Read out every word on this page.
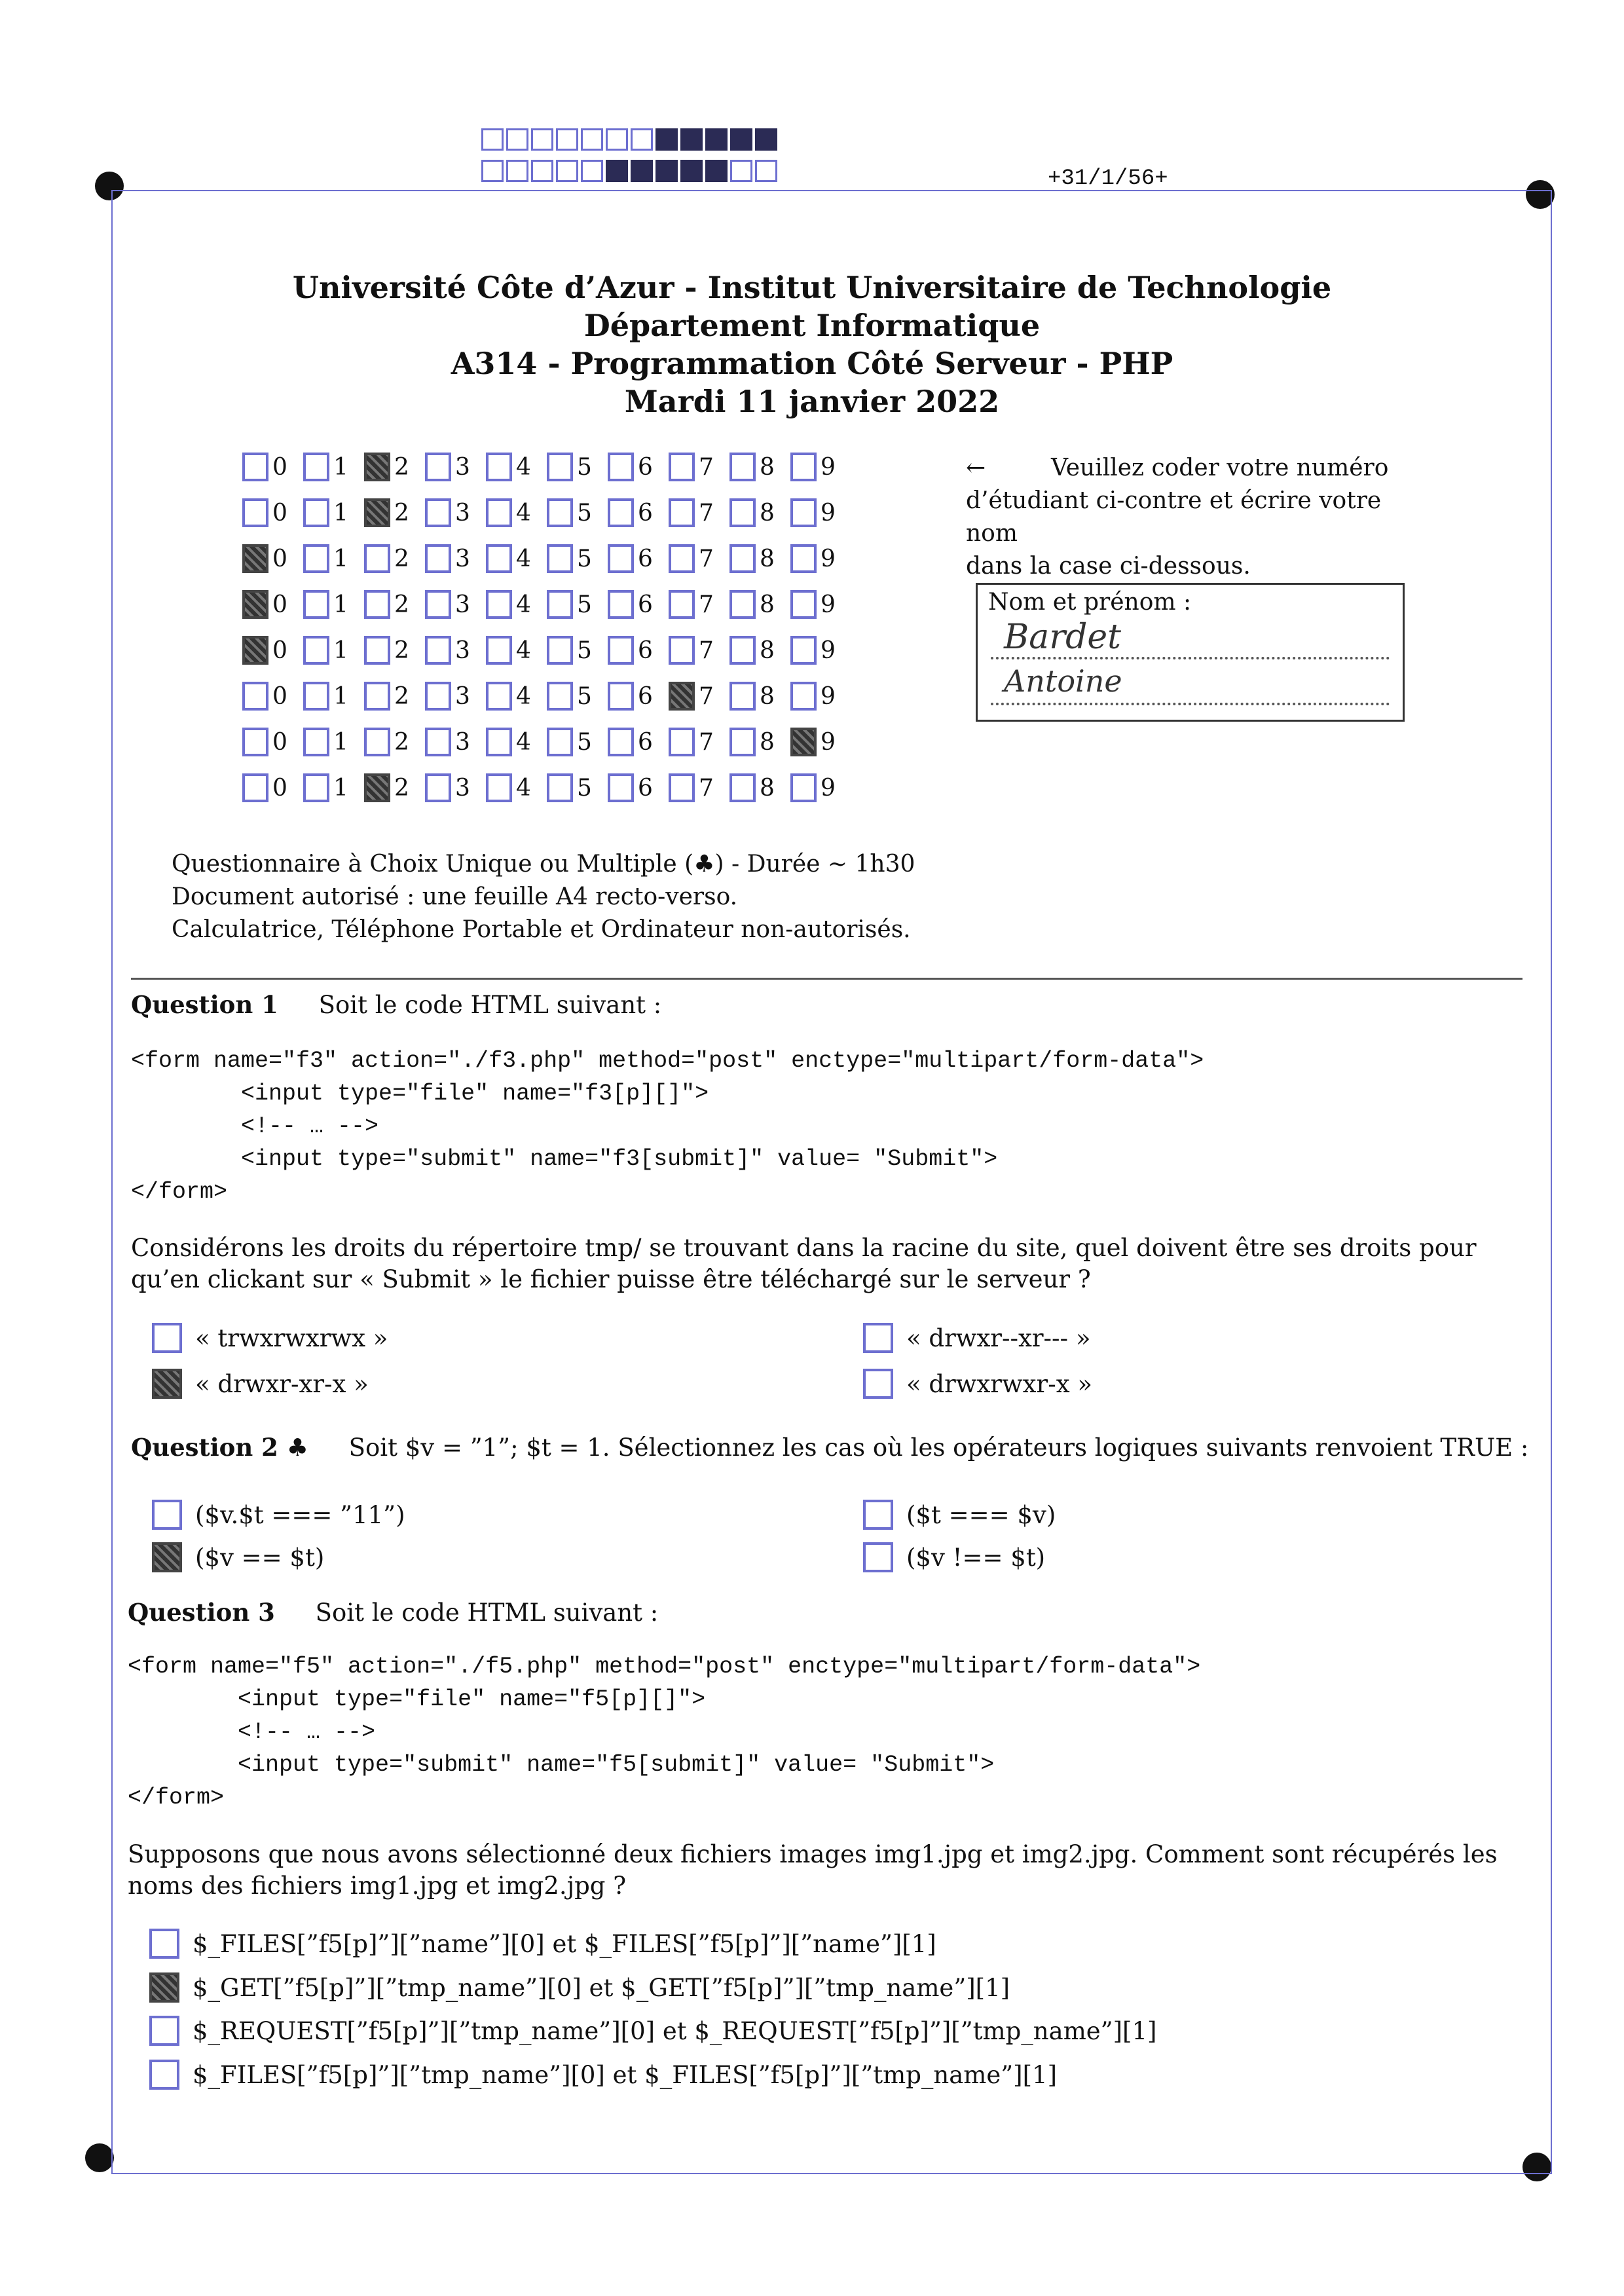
+31/1/56+
Université Côte d’Azur - Institut Universitaire de Technologie
Département Informatique
A314 - Programmation Côté Serveur - PHP
Mardi 11 janvier 2022
0 1 2 3 4 5 6 7 8 9
0 1 2 3 4 5 6 7 8 9
0 1 2 3 4 5 6 7 8 9
0 1 2 3 4 5 6 7 8 9
0 1 2 3 4 5 6 7 8 9
0 1 2 3 4 5 6 7 8 9
0 1 2 3 4 5 6 7 8 9
0 1 2 3 4 5 6 7 8 9
←	Veuillez coder votre numéro
d’étudiant ci-contre et écrire votre nom
dans la case ci-dessous.
Nom et prénom :
Bardet
Antoine
Questionnaire à Choix Unique ou Multiple (♣) - Durée ∼ 1h30
Document autorisé : une feuille A4 recto-verso.
Calculatrice, Téléphone Portable et Ordinateur non-autorisés.
Question 1 Soit le code HTML suivant :
<form name="f3" action="./f3.php" method="post" enctype="multipart/form-data">
<input type="file" name="f3[p][]">
<!-- … -->
<input type="submit" name="f3[submit]" value= "Submit">
</form>
Considérons les droits du répertoire tmp/ se trouvant dans la racine du site, quel doivent être ses droits pour qu’en clickant sur « Submit » le fichier puisse être téléchargé sur le serveur ?
« trwxrwxrwx »	« drwxr--xr--- »
« drwxr-xr-x »	« drwxrwxr-x »
Question 2 ♣ Soit $v = ”1”; $t = 1. Sélectionnez les cas où les opérateurs logiques suivants renvoient TRUE :
($v.$t === ”11”)	($t === $v)
($v == $t)	($v !== $t)
Question 3 Soit le code HTML suivant :
<form name="f5" action="./f5.php" method="post" enctype="multipart/form-data">
<input type="file" name="f5[p][]">
<!-- … -->
<input type="submit" name="f5[submit]" value= "Submit">
</form>
Supposons que nous avons sélectionné deux fichiers images img1.jpg et img2.jpg. Comment sont récupérés les noms des fichiers img1.jpg et img2.jpg ?
$_FILES[”f5[p]”][”name”][0] et $_FILES[”f5[p]”][”name”][1]
$_GET[”f5[p]”][”tmp_name”][0] et $_GET[”f5[p]”][”tmp_name”][1]
$_REQUEST[”f5[p]”][”tmp_name”][0] et $_REQUEST[”f5[p]”][”tmp_name”][1]
$_FILES[”f5[p]”][”tmp_name”][0] et $_FILES[”f5[p]”][”tmp_name”][1]
